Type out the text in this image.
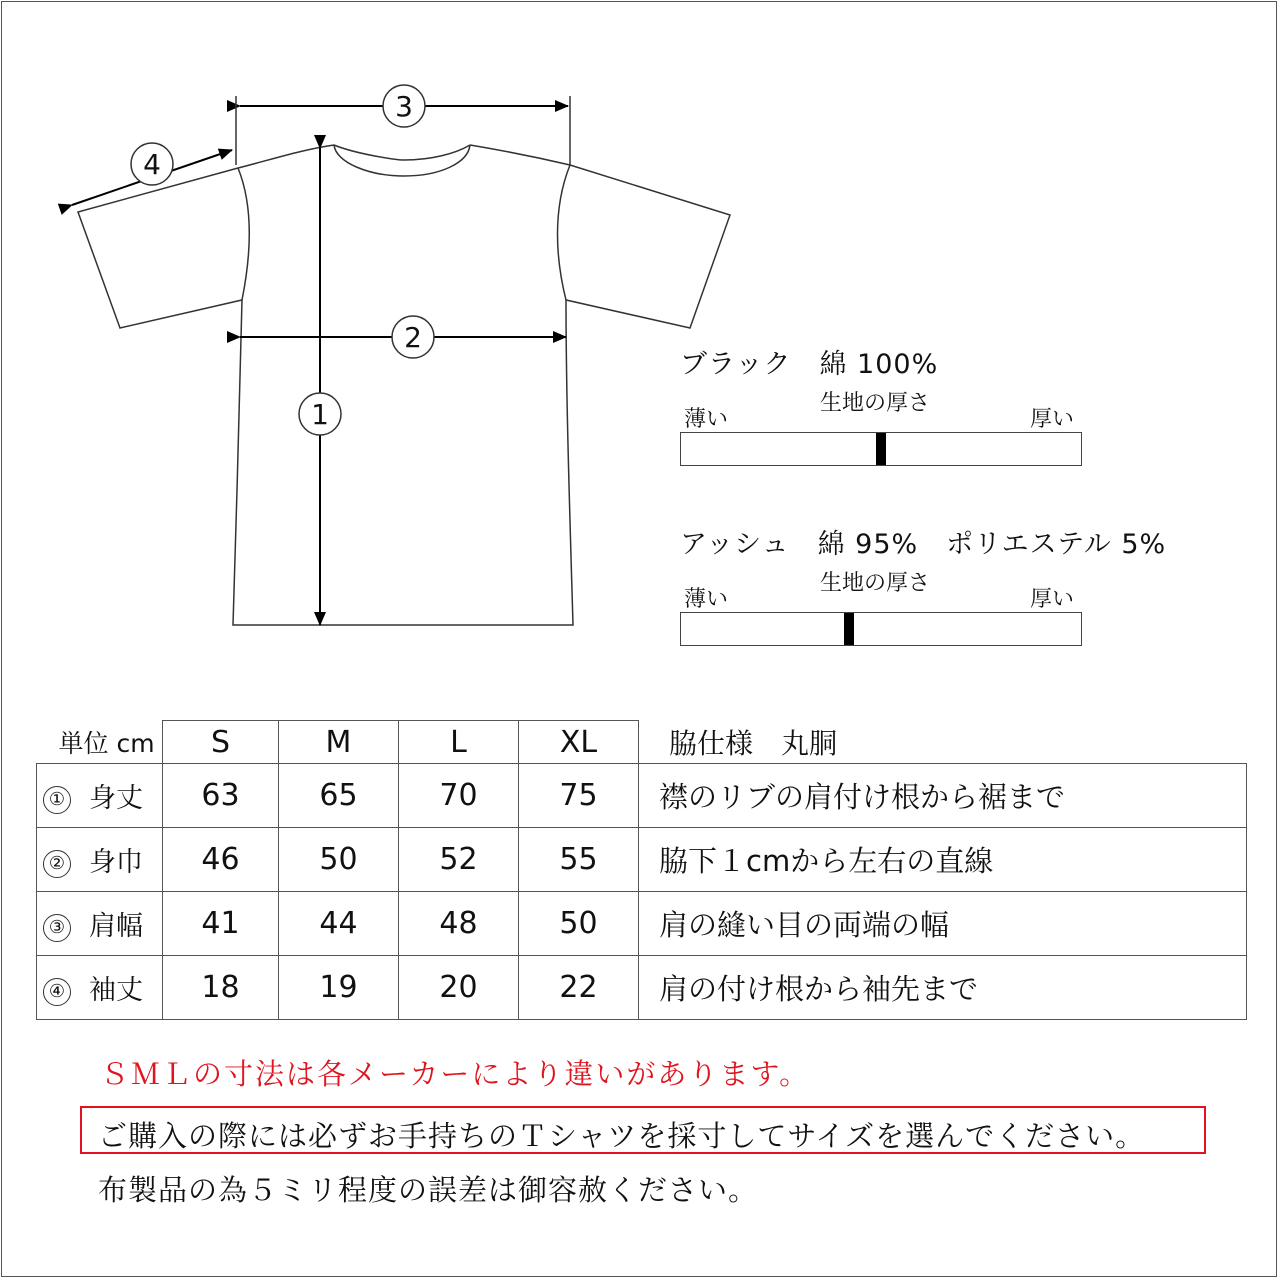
3
2
1
4
ブラック　綿 100%
生地の厚さ
薄い	厚い
アッシュ　綿 95%　ポリエステル 5%
生地の厚さ
薄い	厚い
単位 cm	S	M	L	XL	脇仕様　丸胴
① 身丈	63	65	70	75	襟のリブの肩付け根から裾まで
② 身巾	46	50	52	55	脇下１cmから左右の直線
③ 肩幅	41	44	48	50	肩の縫い目の両端の幅
④ 袖丈	18	19	20	22	肩の付け根から袖先まで
ＳＭＬの寸法は各メーカーにより違いがあります。
ご購入の際には必ずお手持ちのＴシャツを採寸してサイズを選んでください。
布製品の為５ミリ程度の誤差は御容赦ください。
